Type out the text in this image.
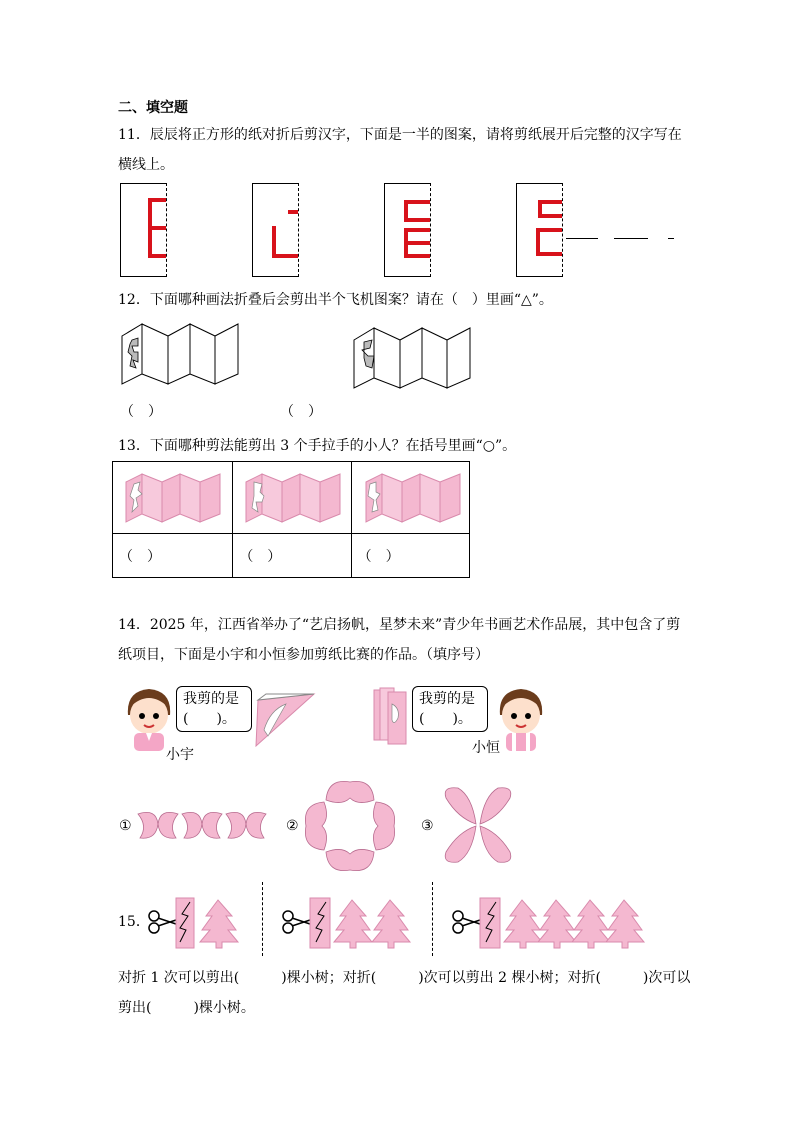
二、填空题
11．辰辰将正方形的纸对折后剪汉字，下面是一半的图案，请将剪纸展开后完整的汉字写在
横线上。
12．下面哪种画法折叠后会剪出半个飞机图案？请在（　）里画“△”。
（　）	（　）
13．下面哪种剪法能剪出 3 个手拉手的小人？在括号里画“○”。

（　）	（　）	（　）
14．2025 年，江西省举办了“艺启扬帆，星梦未来”青少年书画艺术作品展，其中包含了剪
纸项目，下面是小宇和小恒参加剪纸比赛的作品。（填序号）
我剪的是
(　　)。
小宇
我剪的是
(　　)。
小恒
①	②	③
15．
对折 1 次可以剪出(　　　)棵小树；对折(　　　)次可以剪出 2 棵小树；对折(　　　)次可以
剪出(　　　)棵小树。
